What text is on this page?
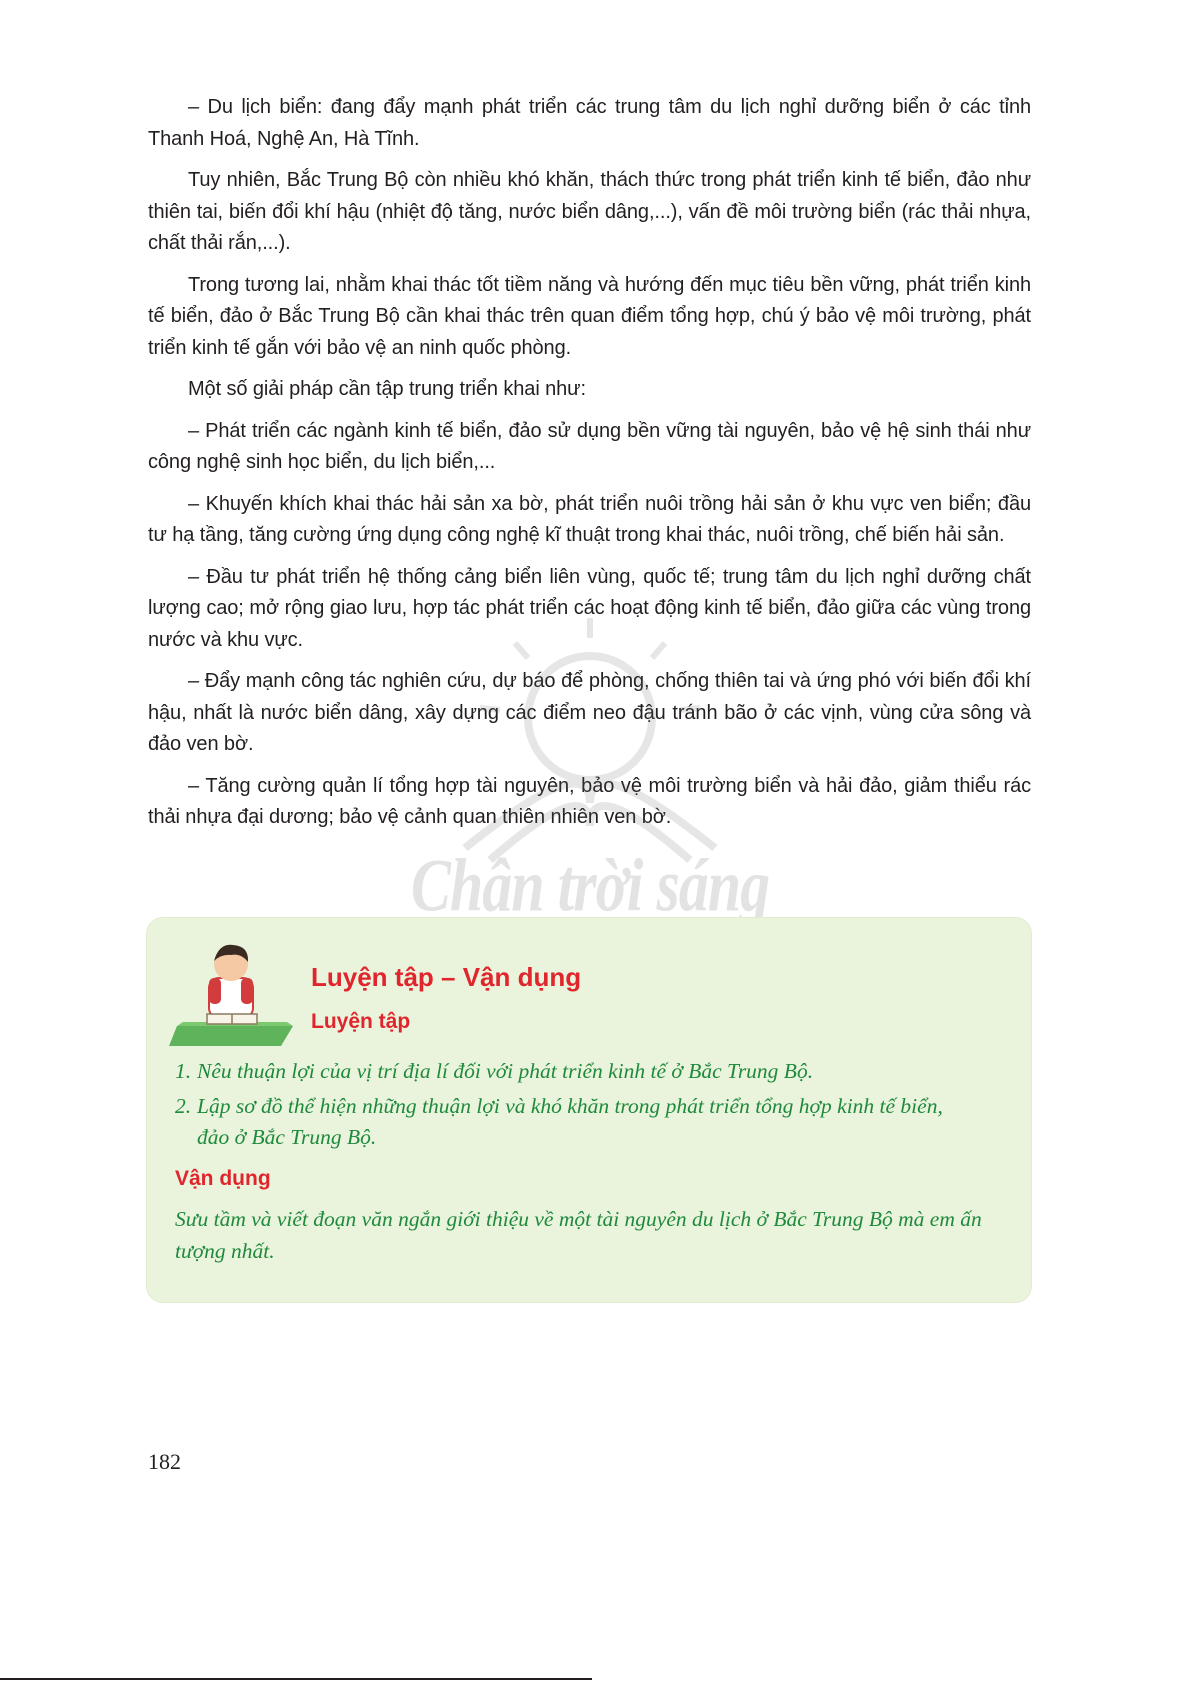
– Du lịch biển: đang đẩy mạnh phát triển các trung tâm du lịch nghỉ dưỡng biển ở các tỉnh Thanh Hoá, Nghệ An, Hà Tĩnh.

Tuy nhiên, Bắc Trung Bộ còn nhiều khó khăn, thách thức trong phát triển kinh tế biển, đảo như thiên tai, biến đổi khí hậu (nhiệt độ tăng, nước biển dâng,...), vấn đề môi trường biển (rác thải nhựa, chất thải rắn,...).

Trong tương lai, nhằm khai thác tốt tiềm năng và hướng đến mục tiêu bền vững, phát triển kinh tế biển, đảo ở Bắc Trung Bộ cần khai thác trên quan điểm tổng hợp, chú ý bảo vệ môi trường, phát triển kinh tế gắn với bảo vệ an ninh quốc phòng.

Một số giải pháp cần tập trung triển khai như:

– Phát triển các ngành kinh tế biển, đảo sử dụng bền vững tài nguyên, bảo vệ hệ sinh thái như công nghệ sinh học biển, du lịch biển,...

– Khuyến khích khai thác hải sản xa bờ, phát triển nuôi trồng hải sản ở khu vực ven biển; đầu tư hạ tầng, tăng cường ứng dụng công nghệ kĩ thuật trong khai thác, nuôi trồng, chế biến hải sản.

– Đầu tư phát triển hệ thống cảng biển liên vùng, quốc tế; trung tâm du lịch nghỉ dưỡng chất lượng cao; mở rộng giao lưu, hợp tác phát triển các hoạt động kinh tế biển, đảo giữa các vùng trong nước và khu vực.

– Đẩy mạnh công tác nghiên cứu, dự báo để phòng, chống thiên tai và ứng phó với biến đổi khí hậu, nhất là nước biển dâng, xây dựng các điểm neo đậu tránh bão ở các vịnh, vùng cửa sông và đảo ven bờ.

– Tăng cường quản lí tổng hợp tài nguyên, bảo vệ môi trường biển và hải đảo, giảm thiểu rác thải nhựa đại dương; bảo vệ cảnh quan thiên nhiên ven bờ.

Chân trời sáng
Luyện tập – Vận dụng
Luyện tập
1. Nêu thuận lợi của vị trí địa lí đối với phát triển kinh tế ở Bắc Trung Bộ.
2. Lập sơ đồ thể hiện những thuận lợi và khó khăn trong phát triển tổng hợp kinh tế biển, đảo ở Bắc Trung Bộ.
Vận dụng
Sưu tầm và viết đoạn văn ngắn giới thiệu về một tài nguyên du lịch ở Bắc Trung Bộ mà em ấn tượng nhất.
182
